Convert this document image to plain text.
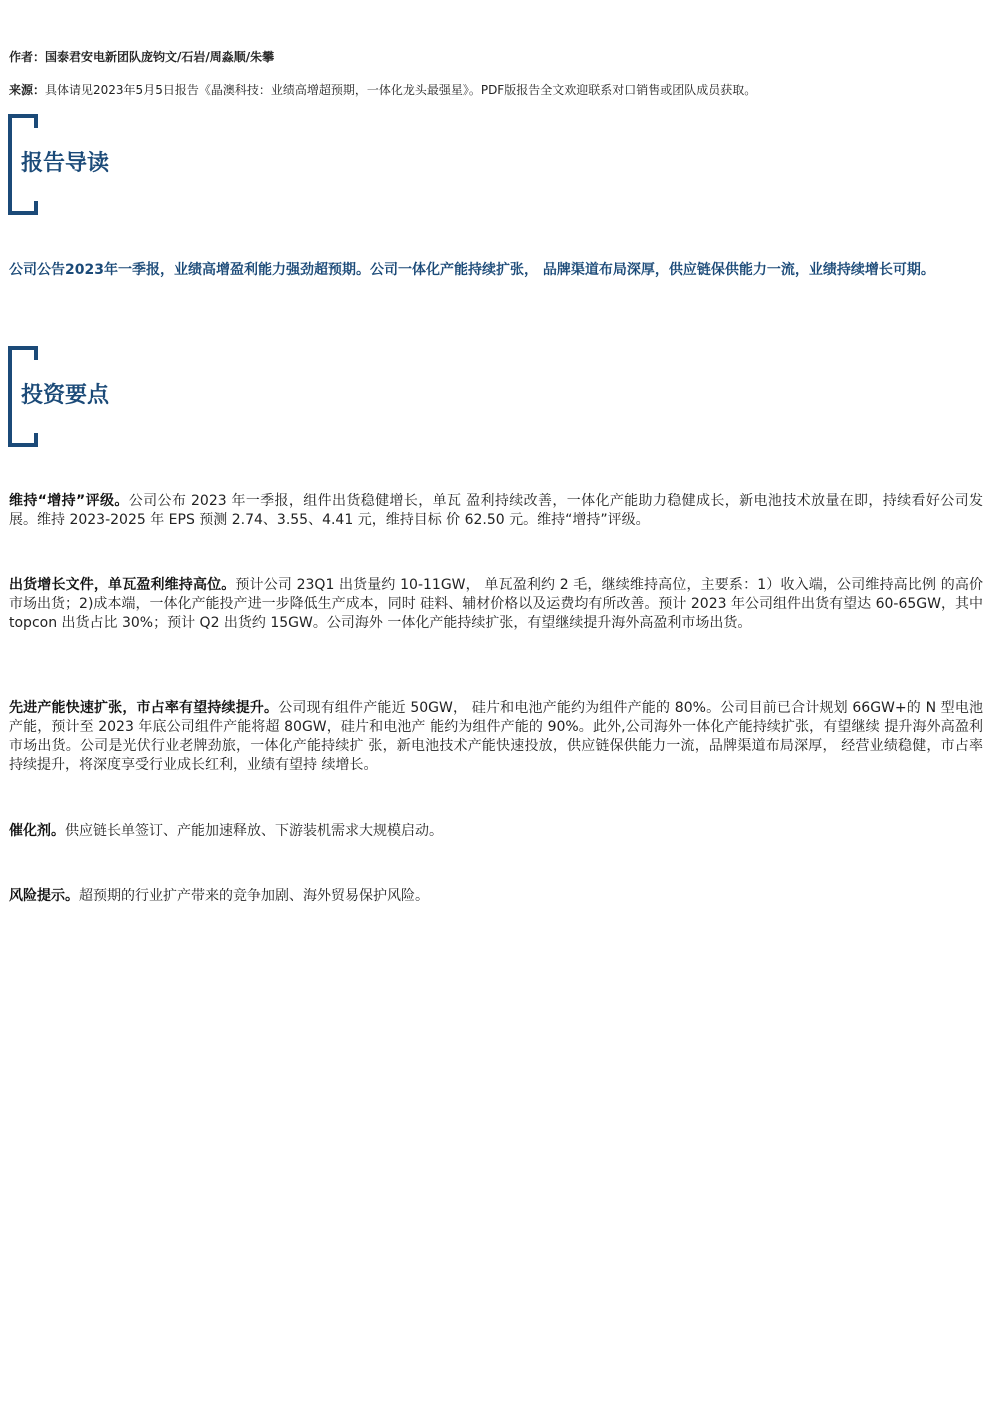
作者：国泰君安电新团队庞钧文/石岩/周淼顺/朱攀
来源：具体请见2023年5月5日报告《晶澳科技：业绩高增超预期，一体化龙头最强星》。PDF版报告全文欢迎联系对口销售或团队成员获取。
报告导读
公司公告2023年一季报，业绩高增盈利能力强劲超预期。公司一体化产能持续扩张， 品牌渠道布局深厚，供应链保供能力一流，业绩持续增长可期。
投资要点
维持“增持”评级。公司公布 2023 年一季报，组件出货稳健增长，单瓦 盈利持续改善，一体化产能助力稳健成长，新电池技术放量在即，持续看好公司发展。维持 2023-2025 年 EPS 预测 2.74、3.55、4.41 元，维持目标 价 62.50 元。维持“增持”评级。
出货增长文件，单瓦盈利维持高位。预计公司 23Q1 出货量约 10-11GW， 单瓦盈利约 2 毛，继续维持高位，主要系：1）收入端，公司维持高比例 的高价市场出货；2)成本端，一体化产能投产进一步降低生产成本，同时 硅料、辅材价格以及运费均有所改善。预计 2023 年公司组件出货有望达 60-65GW，其中 topcon 出货占比 30%；预计 Q2 出货约 15GW。公司海外 一体化产能持续扩张，有望继续提升海外高盈利市场出货。
先进产能快速扩张，市占率有望持续提升。公司现有组件产能近 50GW， 硅片和电池产能约为组件产能的 80%。公司目前已合计规划 66GW+的 N 型电池产能，预计至 2023 年底公司组件产能将超 80GW，硅片和电池产 能约为组件产能的 90%。此外,公司海外一体化产能持续扩张，有望继续 提升海外高盈利市场出货。公司是光伏行业老牌劲旅，一体化产能持续扩 张，新电池技术产能快速投放，供应链保供能力一流，品牌渠道布局深厚， 经营业绩稳健，市占率持续提升，将深度享受行业成长红利，业绩有望持 续增长。
催化剂。供应链长单签订、产能加速释放、下游装机需求大规模启动。
风险提示。超预期的行业扩产带来的竞争加剧、海外贸易保护风险。
